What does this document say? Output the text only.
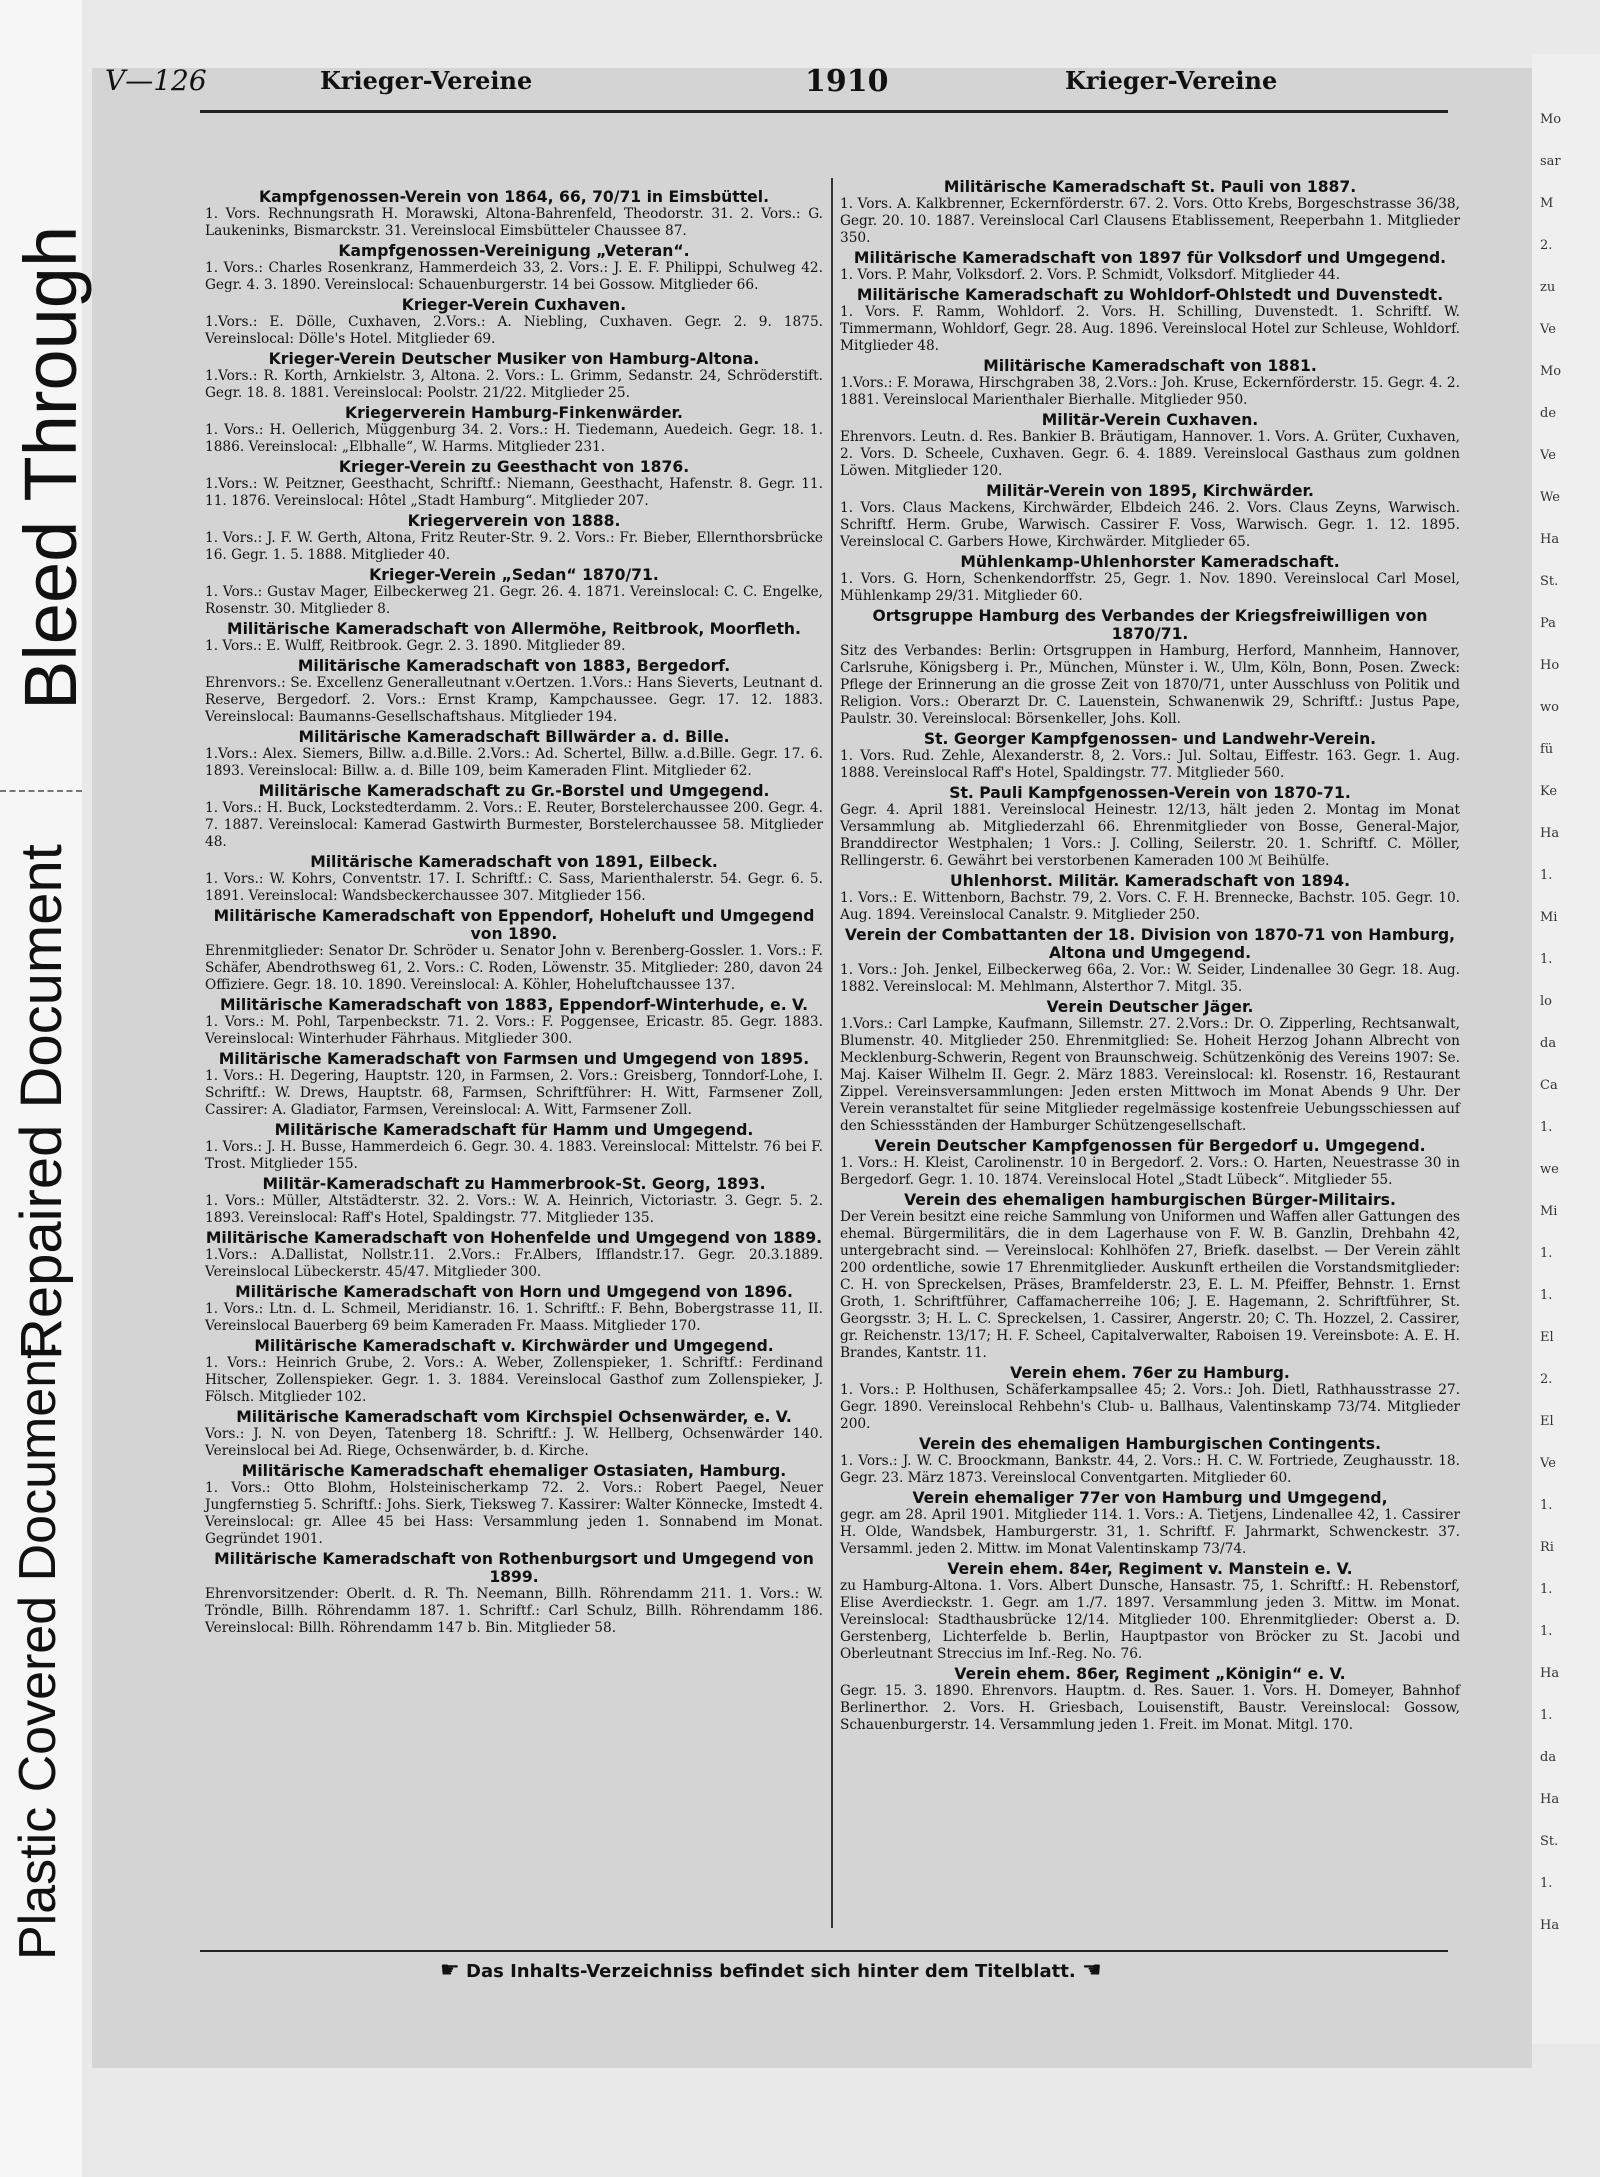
Bleed Through
Repaired Document
Plastic Covered Document
V—126	Krieger-Vereine	1910	Krieger-Vereine

Kampfgenossen-Verein von 1864, 66, 70/71 in Eimsbüttel.

1. Vors. Rechnungsrath H. Morawski, Altona-Bahrenfeld, Theodorstr. 31. 2. Vors.: G. Laukeninks, Bismarckstr. 31. Vereinslocal Eimsbütteler Chaussee 87.

Kampfgenossen-Vereinigung „Veteran“.

1. Vors.: Charles Rosenkranz, Hammerdeich 33, 2. Vors.: J. E. F. Philippi, Schulweg 42. Gegr. 4. 3. 1890. Vereinslocal: Schauenburgerstr. 14 bei Gossow. Mitglieder 66.

Krieger-Verein Cuxhaven.

1.Vors.: E. Dölle, Cuxhaven, 2.Vors.: A. Niebling, Cuxhaven. Gegr. 2. 9. 1875. Vereinslocal: Dölle's Hotel. Mitglieder 69.

Krieger-Verein Deutscher Musiker von Hamburg-Altona.

1.Vors.: R. Korth, Arnkielstr. 3, Altona. 2. Vors.: L. Grimm, Sedanstr. 24, Schröderstift. Gegr. 18. 8. 1881. Vereinslocal: Poolstr. 21/22. Mitglieder 25.

Kriegerverein Hamburg-Finkenwärder.

1. Vors.: H. Oellerich, Müggenburg 34. 2. Vors.: H. Tiedemann, Auedeich. Gegr. 18. 1. 1886. Vereinslocal: „Elbhalle“, W. Harms. Mitglieder 231.

Krieger-Verein zu Geesthacht von 1876.

1.Vors.: W. Peitzner, Geesthacht, Schriftf.: Niemann, Geesthacht, Hafenstr. 8. Gegr. 11. 11. 1876. Vereinslocal: Hôtel „Stadt Hamburg“. Mitglieder 207.

Kriegerverein von 1888.

1. Vors.: J. F. W. Gerth, Altona, Fritz Reuter-Str. 9. 2. Vors.: Fr. Bieber, Ellernthorsbrücke 16. Gegr. 1. 5. 1888. Mitglieder 40.

Krieger-Verein „Sedan“ 1870/71.

1. Vors.: Gustav Mager, Eilbeckerweg 21. Gegr. 26. 4. 1871. Vereinslocal: C. C. Engelke, Rosenstr. 30. Mitglieder 8.

Militärische Kameradschaft von Allermöhe, Reitbrook, Moorfleth.

1. Vors.: E. Wulff, Reitbrook. Gegr. 2. 3. 1890. Mitglieder 89.

Militärische Kameradschaft von 1883, Bergedorf.

Ehrenvors.: Se. Excellenz Generalleutnant v.Oertzen. 1.Vors.: Hans Sieverts, Leutnant d. Reserve, Bergedorf. 2. Vors.: Ernst Kramp, Kampchaussee. Gegr. 17. 12. 1883. Vereinslocal: Baumanns-Gesellschaftshaus. Mitglieder 194.

Militärische Kameradschaft Billwärder a. d. Bille.

1.Vors.: Alex. Siemers, Billw. a.d.Bille. 2.Vors.: Ad. Schertel, Billw. a.d.Bille. Gegr. 17. 6. 1893. Vereinslocal: Billw. a. d. Bille 109, beim Kameraden Flint. Mitglieder 62.

Militärische Kameradschaft zu Gr.-Borstel und Umgegend.

1. Vors.: H. Buck, Lockstedterdamm. 2. Vors.: E. Reuter, Borstelerchaussee 200. Gegr. 4. 7. 1887. Vereinslocal: Kamerad Gastwirth Burmester, Borstelerchaussee 58. Mitglieder 48.

Militärische Kameradschaft von 1891, Eilbeck.

1. Vors.: W. Kohrs, Conventstr. 17. I. Schriftf.: C. Sass, Marienthalerstr. 54. Gegr. 6. 5. 1891. Vereinslocal: Wandsbeckerchaussee 307. Mitglieder 156.

Militärische Kameradschaft von Eppendorf, Hoheluft und Umgegend von 1890.

Ehrenmitglieder: Senator Dr. Schröder u. Senator John v. Berenberg-Gossler. 1. Vors.: F. Schäfer, Abendrothsweg 61, 2. Vors.: C. Roden, Löwenstr. 35. Mitglieder: 280, davon 24 Offiziere. Gegr. 18. 10. 1890. Vereinslocal: A. Köhler, Hoheluftchaussee 137.

Militärische Kameradschaft von 1883, Eppendorf-Winterhude, e. V.

1. Vors.: M. Pohl, Tarpenbeckstr. 71. 2. Vors.: F. Poggensee, Ericastr. 85. Gegr. 1883. Vereinslocal: Winterhuder Fährhaus. Mitglieder 300.

Militärische Kameradschaft von Farmsen und Umgegend von 1895.

1. Vors.: H. Degering, Hauptstr. 120, in Farmsen, 2. Vors.: Greisberg, Tonndorf-Lohe, I. Schriftf.: W. Drews, Hauptstr. 68, Farmsen, Schriftführer: H. Witt, Farmsener Zoll, Cassirer: A. Gladiator, Farmsen, Vereinslocal: A. Witt, Farmsener Zoll.

Militärische Kameradschaft für Hamm und Umgegend.

1. Vors.: J. H. Busse, Hammerdeich 6. Gegr. 30. 4. 1883. Vereinslocal: Mittelstr. 76 bei F. Trost. Mitglieder 155.

Militär-Kameradschaft zu Hammerbrook-St. Georg, 1893.

1. Vors.: Müller, Altstädterstr. 32. 2. Vors.: W. A. Heinrich, Victoriastr. 3. Gegr. 5. 2. 1893. Vereinslocal: Raff's Hotel, Spaldingstr. 77. Mitglieder 135.

Militärische Kameradschaft von Hohenfelde und Umgegend von 1889.

1.Vors.: A.Dallistat, Nollstr.11. 2.Vors.: Fr.Albers, Ifflandstr.17. Gegr. 20.3.1889. Vereinslocal Lübeckerstr. 45/47. Mitglieder 300.

Militärische Kameradschaft von Horn und Umgegend von 1896.

1. Vors.: Ltn. d. L. Schmeil, Meridianstr. 16. 1. Schriftf.: F. Behn, Bobergstrasse 11, II. Vereinslocal Bauerberg 69 beim Kameraden Fr. Maass. Mitglieder 170.

Militärische Kameradschaft v. Kirchwärder und Umgegend.

1. Vors.: Heinrich Grube, 2. Vors.: A. Weber, Zollenspieker, 1. Schriftf.: Ferdinand Hitscher, Zollenspieker. Gegr. 1. 3. 1884. Vereinslocal Gasthof zum Zollenspieker, J. Fölsch. Mitglieder 102.

Militärische Kameradschaft vom Kirchspiel Ochsenwärder, e. V.

Vors.: J. N. von Deyen, Tatenberg 18. Schriftf.: J. W. Hellberg, Ochsenwärder 140. Vereinslocal bei Ad. Riege, Ochsenwärder, b. d. Kirche.

Militärische Kameradschaft ehemaliger Ostasiaten, Hamburg.

1. Vors.: Otto Blohm, Holsteinischerkamp 72. 2. Vors.: Robert Paegel, Neuer Jungfernstieg 5. Schriftf.: Johs. Sierk, Tieksweg 7. Kassirer: Walter Könnecke, Imstedt 4. Vereinslocal: gr. Allee 45 bei Hass: Versammlung jeden 1. Sonnabend im Monat. Gegründet 1901.

Militärische Kameradschaft von Rothenburgsort und Umgegend von 1899.

Ehrenvorsitzender: Oberlt. d. R. Th. Neemann, Billh. Röhrendamm 211. 1. Vors.: W. Tröndle, Billh. Röhrendamm 187. 1. Schriftf.: Carl Schulz, Billh. Röhrendamm 186. Vereinslocal: Billh. Röhrendamm 147 b. Bin. Mitglieder 58.

Militärische Kameradschaft St. Pauli von 1887.

1. Vors. A. Kalkbrenner, Eckernförderstr. 67. 2. Vors. Otto Krebs, Borgeschstrasse 36/38, Gegr. 20. 10. 1887. Vereinslocal Carl Clausens Etablissement, Reeperbahn 1. Mitglieder 350.

Militärische Kameradschaft von 1897 für Volksdorf und Umgegend.

1. Vors. P. Mahr, Volksdorf. 2. Vors. P. Schmidt, Volksdorf. Mitglieder 44.

Militärische Kameradschaft zu Wohldorf-Ohlstedt und Duvenstedt.

1. Vors. F. Ramm, Wohldorf. 2. Vors. H. Schilling, Duvenstedt. 1. Schriftf. W. Timmermann, Wohldorf, Gegr. 28. Aug. 1896. Vereinslocal Hotel zur Schleuse, Wohldorf. Mitglieder 48.

Militärische Kameradschaft von 1881.

1.Vors.: F. Morawa, Hirschgraben 38, 2.Vors.: Joh. Kruse, Eckernförderstr. 15. Gegr. 4. 2. 1881. Vereinslocal Marienthaler Bierhalle. Mitglieder 950.

Militär-Verein Cuxhaven.

Ehrenvors. Leutn. d. Res. Bankier B. Bräutigam, Hannover. 1. Vors. A. Grüter, Cuxhaven, 2. Vors. D. Scheele, Cuxhaven. Gegr. 6. 4. 1889. Vereinslocal Gasthaus zum goldnen Löwen. Mitglieder 120.

Militär-Verein von 1895, Kirchwärder.

1. Vors. Claus Mackens, Kirchwärder, Elbdeich 246. 2. Vors. Claus Zeyns, Warwisch. Schriftf. Herm. Grube, Warwisch. Cassirer F. Voss, Warwisch. Gegr. 1. 12. 1895. Vereinslocal C. Garbers Howe, Kirchwärder. Mitglieder 65.

Mühlenkamp-Uhlenhorster Kameradschaft.

1. Vors. G. Horn, Schenkendorffstr. 25, Gegr. 1. Nov. 1890. Vereinslocal Carl Mosel, Mühlenkamp 29/31. Mitglieder 60.

Ortsgruppe Hamburg des Verbandes der Kriegsfreiwilligen von 1870/71.

Sitz des Verbandes: Berlin: Ortsgruppen in Hamburg, Herford, Mannheim, Hannover, Carlsruhe, Königsberg i. Pr., München, Münster i. W., Ulm, Köln, Bonn, Posen. Zweck: Pflege der Erinnerung an die grosse Zeit von 1870/71, unter Ausschluss von Politik und Religion. Vors.: Oberarzt Dr. C. Lauenstein, Schwanenwik 29, Schriftf.: Justus Pape, Paulstr. 30. Vereinslocal: Börsenkeller, Johs. Koll.

St. Georger Kampfgenossen- und Landwehr-Verein.

1. Vors. Rud. Zehle, Alexanderstr. 8, 2. Vors.: Jul. Soltau, Eiffestr. 163. Gegr. 1. Aug. 1888. Vereinslocal Raff's Hotel, Spaldingstr. 77. Mitglieder 560.

St. Pauli Kampfgenossen-Verein von 1870-71.

Gegr. 4. April 1881. Vereinslocal Heinestr. 12/13, hält jeden 2. Montag im Monat Versammlung ab. Mitgliederzahl 66. Ehrenmitglieder von Bosse, General-Major, Branddirector Westphalen; 1 Vors.: J. Colling, Seilerstr. 20. 1. Schriftf. C. Möller, Rellingerstr. 6. Gewährt bei verstorbenen Kameraden 100 ℳ Beihülfe.

Uhlenhorst. Militär. Kameradschaft von 1894.

1. Vors.: E. Wittenborn, Bachstr. 79, 2. Vors. C. F. H. Brennecke, Bachstr. 105. Gegr. 10. Aug. 1894. Vereinslocal Canalstr. 9. Mitglieder 250.

Verein der Combattanten der 18. Division von 1870-71 von Hamburg, Altona und Umgegend.

1. Vors.: Joh. Jenkel, Eilbeckerweg 66a, 2. Vor.: W. Seider, Lindenallee 30 Gegr. 18. Aug. 1882. Vereinslocal: M. Mehlmann, Alsterthor 7. Mitgl. 35.

Verein Deutscher Jäger.

1.Vors.: Carl Lampke, Kaufmann, Sillemstr. 27. 2.Vors.: Dr. O. Zipperling, Rechtsanwalt, Blumenstr. 40. Mitglieder 250. Ehrenmitglied: Se. Hoheit Herzog Johann Albrecht von Mecklenburg-Schwerin, Regent von Braunschweig. Schützenkönig des Vereins 1907: Se. Maj. Kaiser Wilhelm II. Gegr. 2. März 1883. Vereinslocal: kl. Rosenstr. 16, Restaurant Zippel. Vereinsversammlungen: Jeden ersten Mittwoch im Monat Abends 9 Uhr. Der Verein veranstaltet für seine Mitglieder regelmässige kostenfreie Uebungsschiessen auf den Schiessständen der Hamburger Schützengesellschaft.

Verein Deutscher Kampfgenossen für Bergedorf u. Umgegend.

1. Vors.: H. Kleist, Carolinenstr. 10 in Bergedorf. 2. Vors.: O. Harten, Neuestrasse 30 in Bergedorf. Gegr. 1. 10. 1874. Vereinslocal Hotel „Stadt Lübeck“. Mitglieder 55.

Verein des ehemaligen hamburgischen Bürger-Militairs.

Der Verein besitzt eine reiche Sammlung von Uniformen und Waffen aller Gattungen des ehemal. Bürgermilitärs, die in dem Lagerhause von F. W. B. Ganzlin, Drehbahn 42, untergebracht sind. — Vereinslocal: Kohlhöfen 27, Briefk. daselbst. — Der Verein zählt 200 ordentliche, sowie 17 Ehrenmitglieder. Auskunft ertheilen die Vorstandsmitglieder: C. H. von Spreckelsen, Präses, Bramfelderstr. 23, E. L. M. Pfeiffer, Behnstr. 1. Ernst Groth, 1. Schriftführer, Caffamacherreihe 106; J. E. Hagemann, 2. Schriftführer, St. Georgsstr. 3; H. L. C. Spreckelsen, 1. Cassirer, Angerstr. 20; C. Th. Hozzel, 2. Cassirer, gr. Reichenstr. 13/17; H. F. Scheel, Capitalverwalter, Raboisen 19. Vereinsbote: A. E. H. Brandes, Kantstr. 11.

Verein ehem. 76er zu Hamburg.

1. Vors.: P. Holthusen, Schäferkampsallee 45; 2. Vors.: Joh. Dietl, Rathhausstrasse 27. Gegr. 1890. Vereinslocal Rehbehn's Club- u. Ballhaus, Valentinskamp 73/74. Mitglieder 200.

Verein des ehemaligen Hamburgischen Contingents.

1. Vors.: J. W. C. Broockmann, Bankstr. 44, 2. Vors.: H. C. W. Fortriede, Zeughausstr. 18. Gegr. 23. März 1873. Vereinslocal Conventgarten. Mitglieder 60.

Verein ehemaliger 77er von Hamburg und Umgegend,

gegr. am 28. April 1901. Mitglieder 114. 1. Vors.: A. Tietjens, Lindenallee 42, 1. Cassirer H. Olde, Wandsbek, Hamburgerstr. 31, 1. Schriftf. F. Jahrmarkt, Schwenckestr. 37. Versamml. jeden 2. Mittw. im Monat Valentinskamp 73/74.

Verein ehem. 84er, Regiment v. Manstein e. V.

zu Hamburg-Altona. 1. Vors. Albert Dunsche, Hansastr. 75, 1. Schriftf.: H. Rebenstorf, Elise Averdieckstr. 1. Gegr. am 1./7. 1897. Versammlung jeden 3. Mittw. im Monat. Vereinslocal: Stadthausbrücke 12/14. Mitglieder 100. Ehrenmitglieder: Oberst a. D. Gerstenberg, Lichterfelde b. Berlin, Hauptpastor von Bröcker zu St. Jacobi und Oberleutnant Streccius im Inf.-Reg. No. 76.

Verein ehem. 86er, Regiment „Königin“ e. V.

Gegr. 15. 3. 1890. Ehrenvors. Hauptm. d. Res. Sauer. 1. Vors. H. Domeyer, Bahnhof Berlinerthor. 2. Vors. H. Griesbach, Louisenstift, Baustr. Vereinslocal: Gossow, Schauenburgerstr. 14. Versammlung jeden 1. Freit. im Monat. Mitgl. 170.

☛ Das Inhalts-Verzeichniss befindet sich hinter dem Titelblatt. ☚
Mo
sar
M
2.
zu
Ve
Mo
de
Ve
We
Ha
St.
Pa
Ho
wo
fü
Ke
Ha
1.
Mi
1.
lo
da
Ca
1.
we
Mi
1.
1.
El
2.
El
Ve
1.
Ri
1.
1.
Ha
1.
da
Ha
St.
1.
Ha
